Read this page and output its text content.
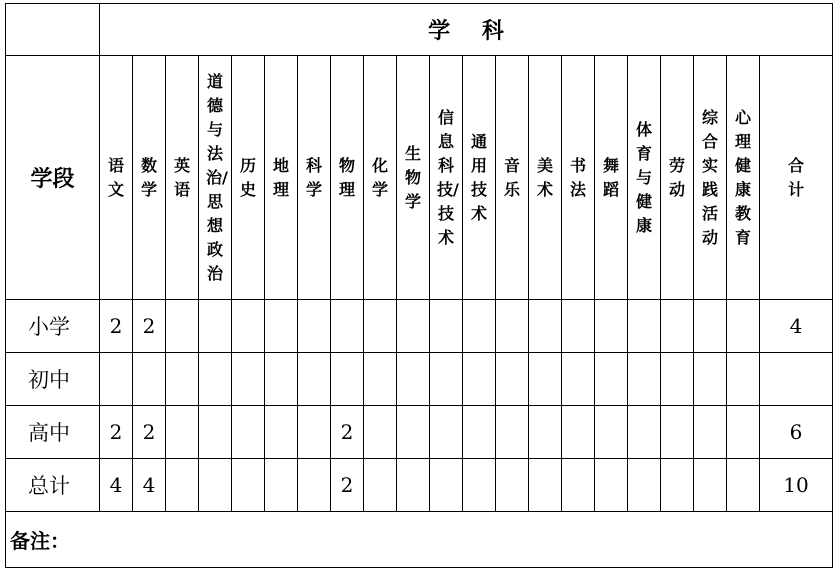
	学 科																				
学段	语文	数学	英语	道德与法治/思想政治	历史	地理	科学	物理	化学	生物学	信息科技/技术	通用技术	音乐	美术	书法	舞蹈	体育与健康	劳动	综合实践活动	心理健康教育	合计
小学	2	2																			4
初中																					
高中	2	2						2													6
总计	4	4						2													10
备注：																					
